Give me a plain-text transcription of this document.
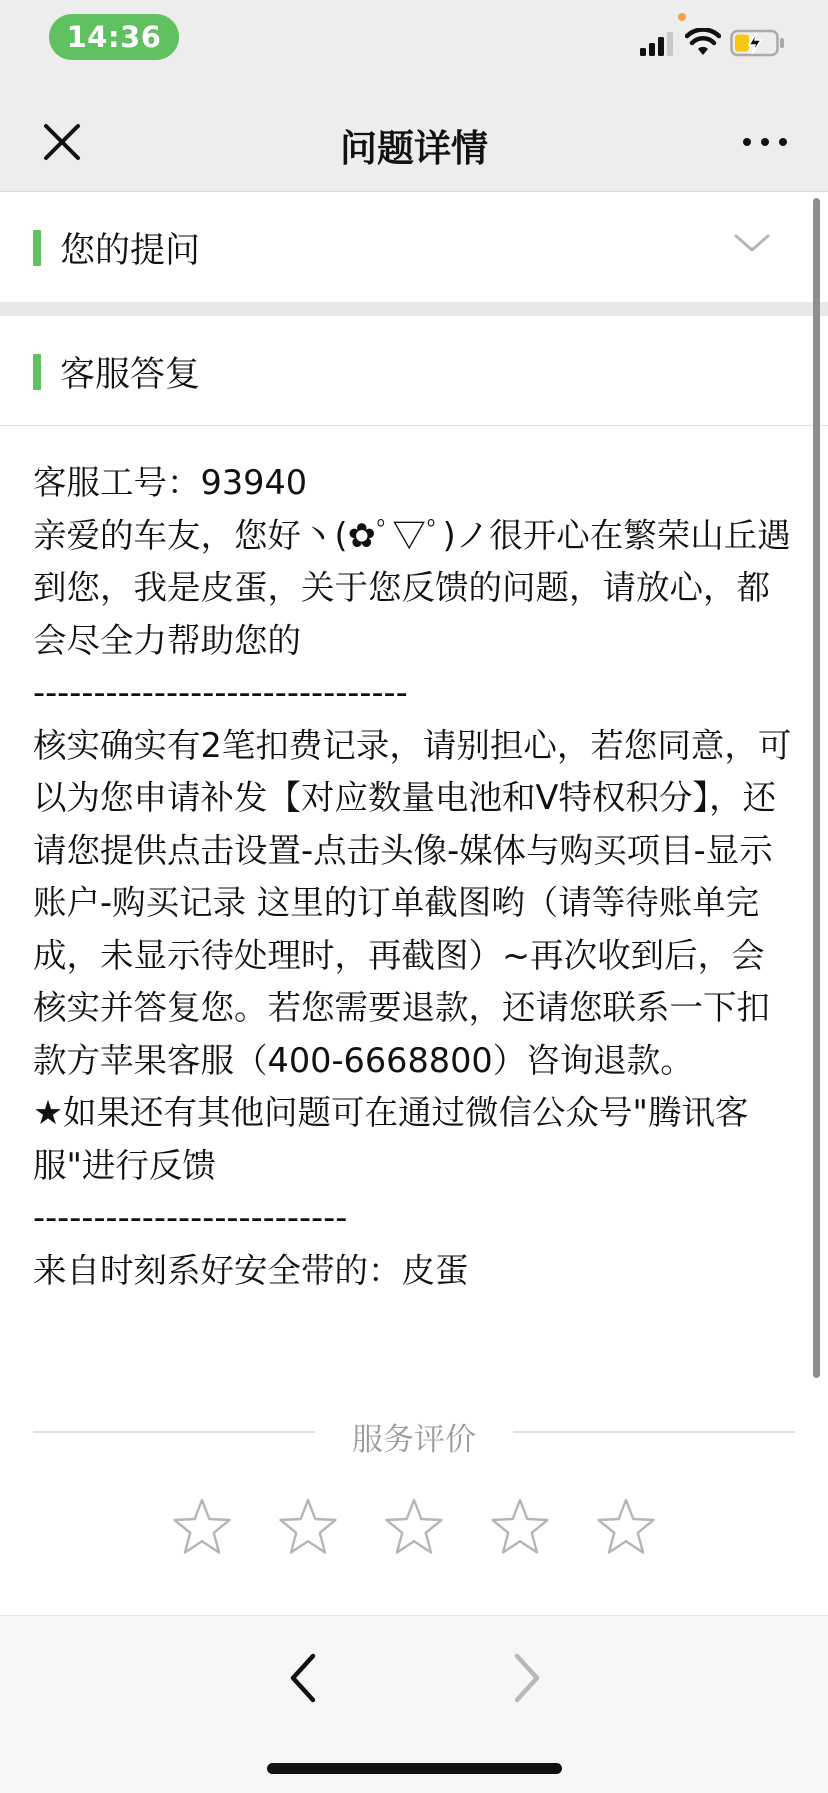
14:36
问题详情
您的提问
客服答复

客服工号：93940

亲爱的车友，您好丶(✿ﾟ▽ﾟ)ノ很开心在繁荣山丘遇到您，我是皮蛋，关于您反馈的问题，请放心，都会尽全力帮助您的

-------------------------------

核实确实有2笔扣费记录，请别担心，若您同意，可以为您申请补发【对应数量电池和V特权积分】，还请您提供点击设置-点击头像-媒体与购买项目-显示账户-购买记录 这里的订单截图哟（请等待账单完成，未显示待处理时，再截图）~再次收到后，会核实并答复您。若您需要退款，还请您联系一下扣款方苹果客服（400-6668800）咨询退款。

★如果还有其他问题可在通过微信公众号"腾讯客服"进行反馈

--------------------------

来自时刻系好安全带的：皮蛋

服务评价
